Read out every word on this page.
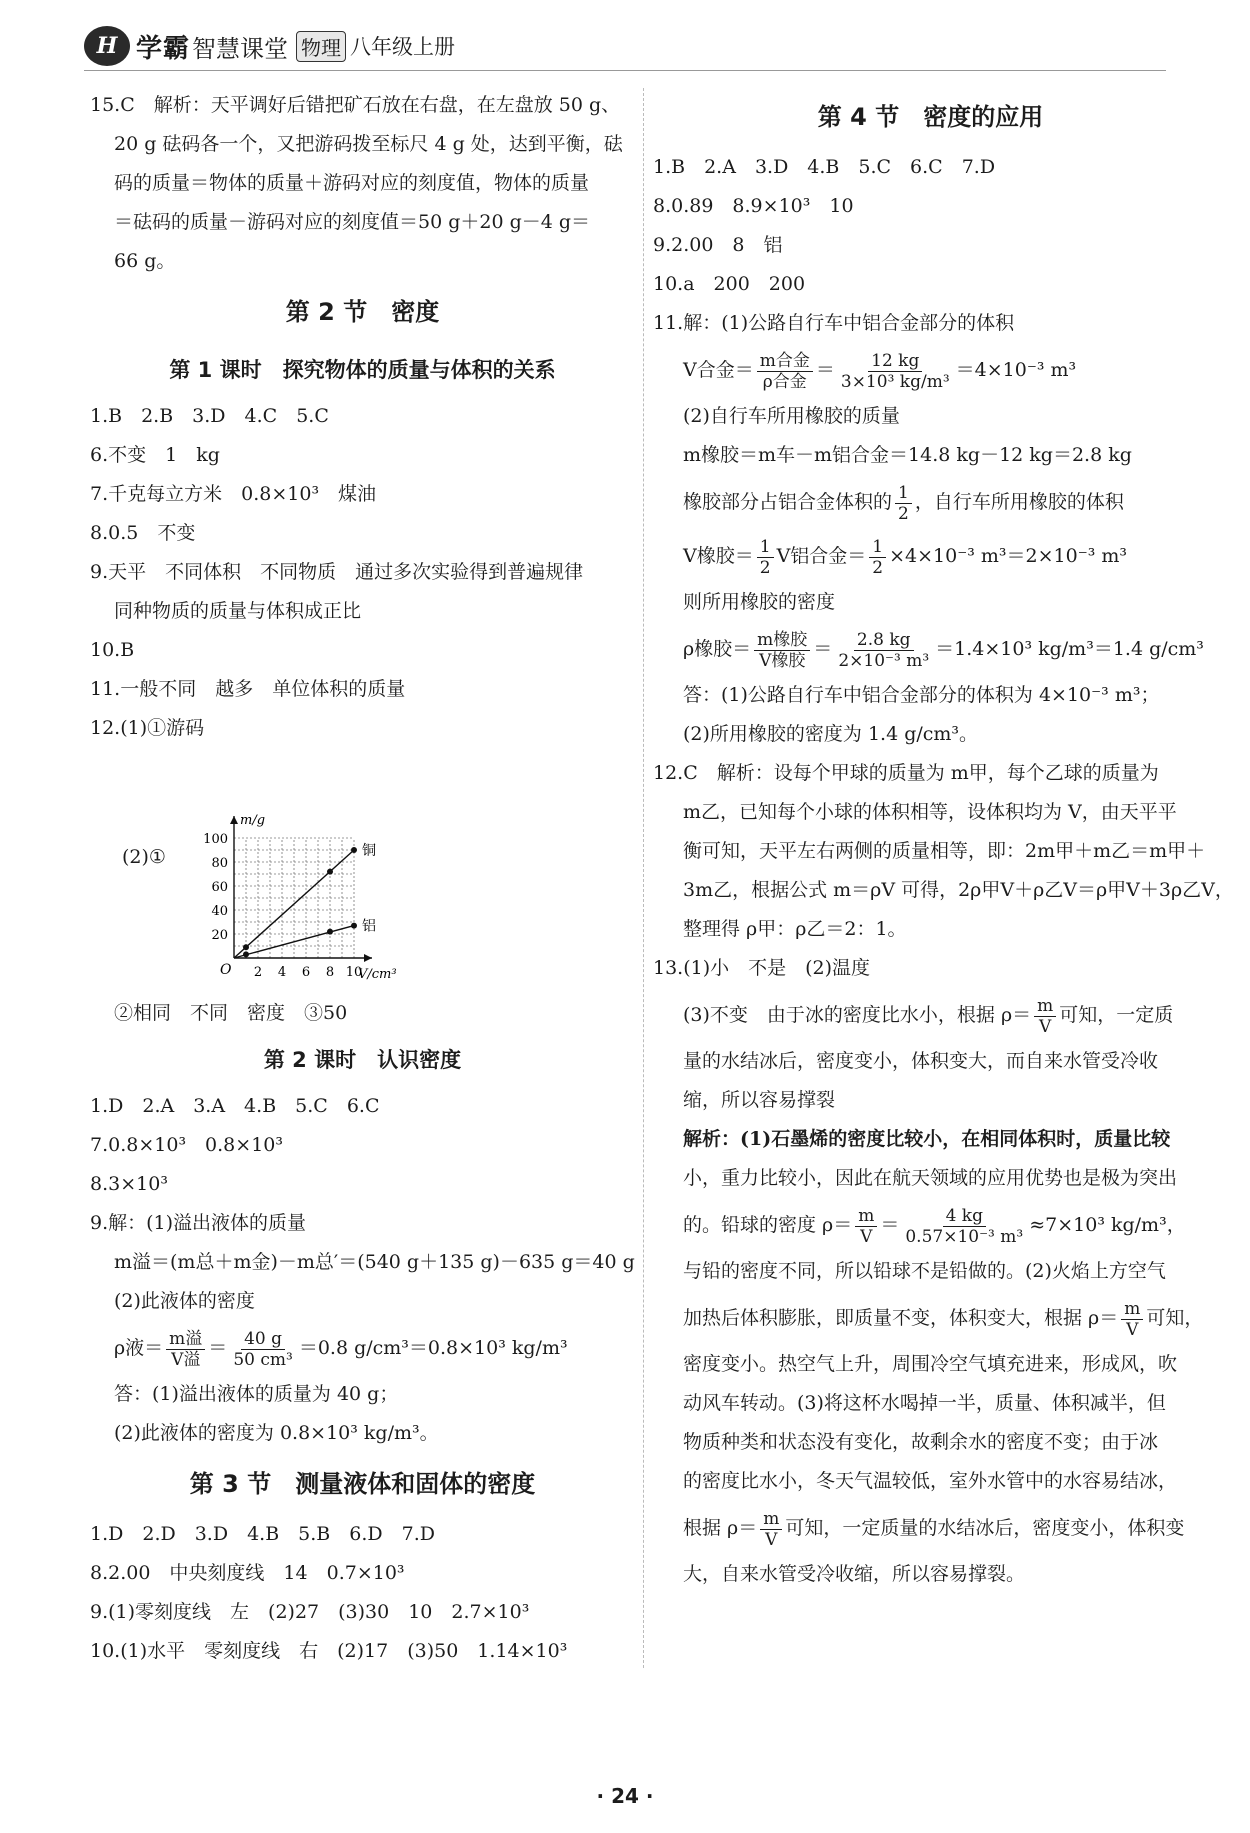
H 学霸 智慧课堂 物理 八年级上册
15.C　解析：天平调好后错把矿石放在右盘，在左盘放 50 g、
20 g 砝码各一个，又把游码拨至标尺 4 g 处，达到平衡，砝
码的质量＝物体的质量＋游码对应的刻度值，物体的质量
＝砝码的质量－游码对应的刻度值＝50 g＋20 g－4 g＝
66 g。
第 2 节　密度
第 1 课时　探究物体的质量与体积的关系
1.B　2.B　3.D　4.C　5.C
6.不变　1　kg
7.千克每立方米　0.8×10³　煤油
8.0.5　不变
9.天平　不同体积　不同物质　通过多次实验得到普遍规律
同种物质的质量与体积成正比
10.B
11.一般不同　越多　单位体积的质量
12.(1)①游码
(2)①
m/g
V/cm³
O
20
40
60
80
100
2 4 6 8 10
铜
铝
②相同　不同　密度　③50
第 2 课时　认识密度
1.D　2.A　3.A　4.B　5.C　6.C
7.0.8×10³　0.8×10³
8.3×10³
9.解：(1)溢出液体的质量
m溢＝(m总＋m金)－m总′＝(540 g＋135 g)－635 g＝40 g
(2)此液体的密度
ρ液＝ $\frac{\text{m溢}}{\text{V溢}} = \frac{40 g}{\text{50 cm³}} =0.8$ g/cm³＝0.8×10³ kg/m³
答：(1)溢出液体的质量为 40 g；
(2)此液体的密度为 0.8×10³ kg/m³。
第 3 节　测量液体和固体的密度
1.D　2.D　3.D　4.B　5.B　6.D　7.D
8.2.00　中央刻度线　14　0.7×10³
9.(1)零刻度线　左　(2)27　(3)30　10　2.7×10³
10.(1)水平　零刻度线　右　(2)17　(3)50　1.14×10³
第 4 节　密度的应用
1.B　2.A　3.D　4.B　5.C　6.C　7.D
8.0.89　8.9×10³　10
9.2.00　8　铝
10.a　200　200
11.解：(1)公路自行车中铝合金部分的体积
V合金＝ $\frac{\text{m合金}}{\text{ρ合金}} = \frac{12 kg}{\text{3×10³ kg/m³}} =4\times 10^{-3}$ m³
(2)自行车所用橡胶的质量
m橡胶＝m车－m铝合金＝14.8 kg－12 kg＝2.8 kg
橡胶部分占铝合金体积的 $\frac{1}{2}$ ，自行车所用橡胶的体积
V橡胶＝ $\frac{1}{2}$ V铝合金＝ $\frac{1}{2} \times 4\times 10^{-3}$ m³＝2×10⁻³ m³
则所用橡胶的密度
ρ橡胶＝ $\frac{\text{m橡胶}}{\text{V橡胶}} = \frac{2.8 kg}{\text{2×10⁻³ m³}} =1.4\times 10^3$ kg/m³＝1.4 g/cm³
答：(1)公路自行车中铝合金部分的体积为 4×10⁻³ m³；
(2)所用橡胶的密度为 1.4 g/cm³。
12.C　解析：设每个甲球的质量为 m甲，每个乙球的质量为
m乙，已知每个小球的体积相等，设体积均为 V，由天平平
衡可知，天平左右两侧的质量相等，即：2m甲＋m乙＝m甲＋
3m乙，根据公式 m＝ρV 可得，2ρ甲V＋ρ乙V＝ρ甲V＋3ρ乙V，
整理得 ρ甲：ρ乙＝2：1。
13.(1)小　不是　(2)温度
(3)不变　由于冰的密度比水小，根据 $\rho= \frac{m}{V}$ 可知，一定质
量的水结冰后，密度变小，体积变大，而自来水管受冷收
缩，所以容易撑裂
解析：(1)石墨烯的密度比较小，在相同体积时，质量比较
小，重力比较小，因此在航天领域的应用优势也是极为突出
的。铅球的密度 $\rho= \frac{m}{V} = \frac{4 kg}{\text{0.57×10⁻³ m³}} \approx 7\times 10^3$ kg/m³，
与铅的密度不同，所以铅球不是铅做的。(2)火焰上方空气
加热后体积膨胀，即质量不变，体积变大，根据 $\rho= \frac{m}{V}$ 可知，
密度变小。热空气上升，周围冷空气填充进来，形成风，吹
动风车转动。(3)将这杯水喝掉一半，质量、体积减半，但
物质种类和状态没有变化，故剩余水的密度不变；由于冰
的密度比水小，冬天气温较低，室外水管中的水容易结冰，
根据 $\rho= \frac{m}{V}$ 可知，一定质量的水结冰后，密度变小，体积变
大，自来水管受冷收缩，所以容易撑裂。
· 24 ·
